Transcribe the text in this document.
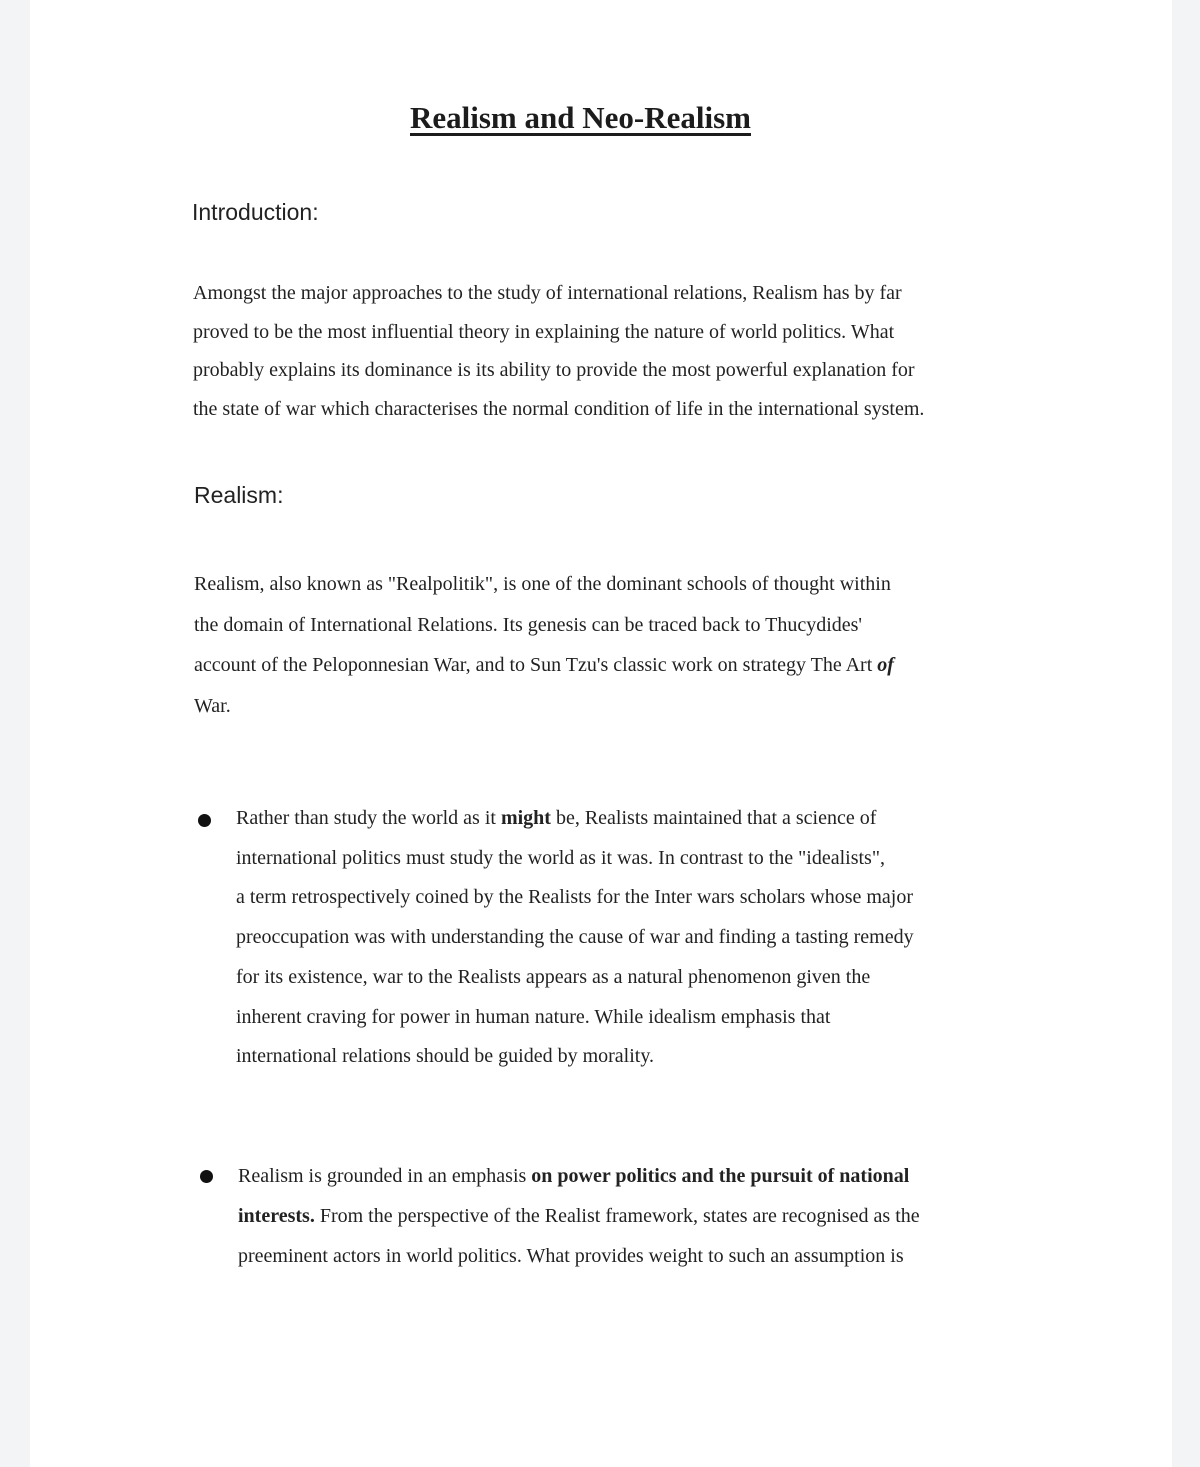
Realism and Neo-Realism
Introduction:

Amongst the major approaches to the study of international relations, Realism has by far
proved to be the most influential theory in explaining the nature of world politics. What
probably explains its dominance is its ability to provide the most powerful explanation for
the state of war which characterises the normal condition of life in the international system.

Realism:

Realism, also known as "Realpolitik", is one of the dominant schools of thought within
the domain of International Relations. Its genesis can be traced back to Thucydides'
account of the Peloponnesian War, and to Sun Tzu's classic work on strategy The Art of
War.

Rather than study the world as it might be, Realists maintained that a science of
international politics must study the world as it was. In contrast to the "idealists",
a term retrospectively coined by the Realists for the Inter wars scholars whose major
preoccupation was with understanding the cause of war and finding a tasting remedy
for its existence, war to the Realists appears as a natural phenomenon given the
inherent craving for power in human nature. While idealism emphasis that
international relations should be guided by morality.

Realism is grounded in an emphasis on power politics and the pursuit of national
interests. From the perspective of the Realist framework, states are recognised as the
preeminent actors in world politics. What provides weight to such an assumption is
